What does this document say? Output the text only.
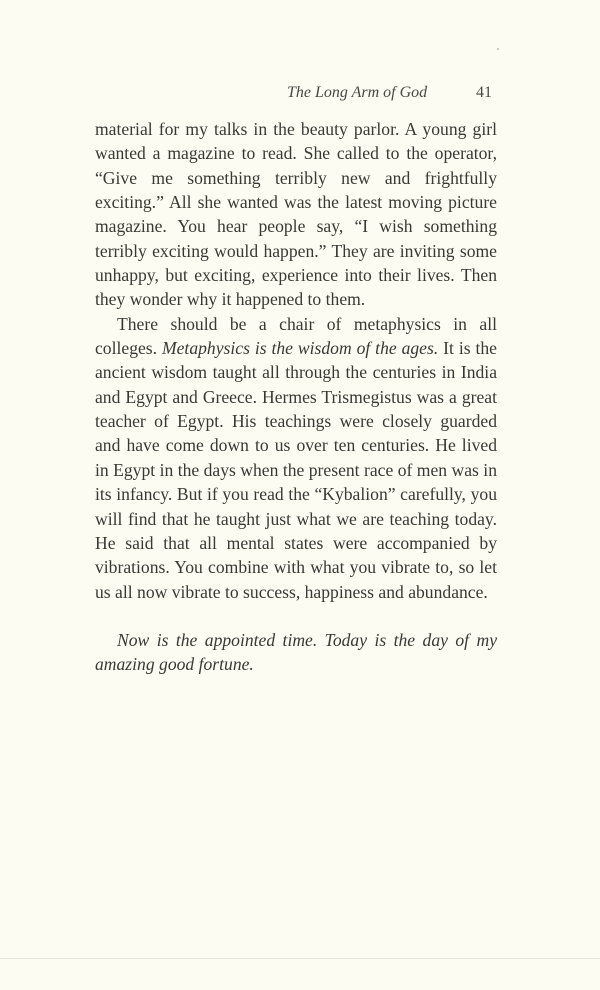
The Long Arm of God	41

material for my talks in the beauty parlor. A young girl wanted a magazine to read. She called to the operator, “Give me something terribly new and frightfully exciting.” All she wanted was the latest moving picture magazine. You hear people say, “I wish something terribly exciting would happen.” They are inviting some unhappy, but exciting, experience into their lives. Then they wonder why it happened to them.

There should be a chair of metaphysics in all colleges. Metaphysics is the wisdom of the ages. It is the ancient wisdom taught all through the centuries in India and Egypt and Greece. Hermes Trismegistus was a great teacher of Egypt. His teachings were closely guarded and have come down to us over ten centuries. He lived in Egypt in the days when the present race of men was in its infancy. But if you read the “Kybalion” carefully, you will find that he taught just what we are teaching today. He said that all mental states were accompanied by vibrations. You combine with what you vibrate to, so let us all now vibrate to success, happiness and abundance.

Now is the appointed time. Today is the day of my amazing good fortune.
